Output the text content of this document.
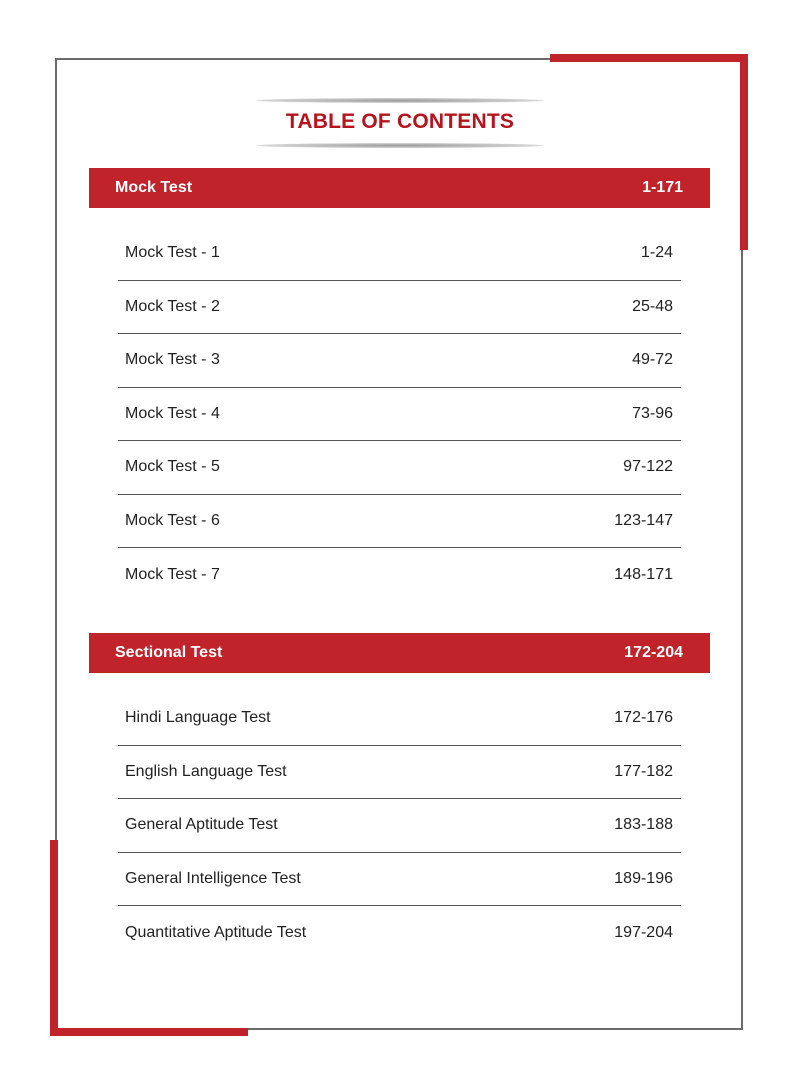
TABLE OF CONTENTS
Mock Test	1-171
Mock Test - 1	1-24
Mock Test - 2	25-48
Mock Test - 3	49-72
Mock Test - 4	73-96
Mock Test - 5	97-122
Mock Test - 6	123-147
Mock Test - 7	148-171
Sectional Test	172-204
Hindi Language Test	172-176
English Language Test	177-182
General Aptitude Test	183-188
General Intelligence Test	189-196
Quantitative Aptitude Test	197-204
